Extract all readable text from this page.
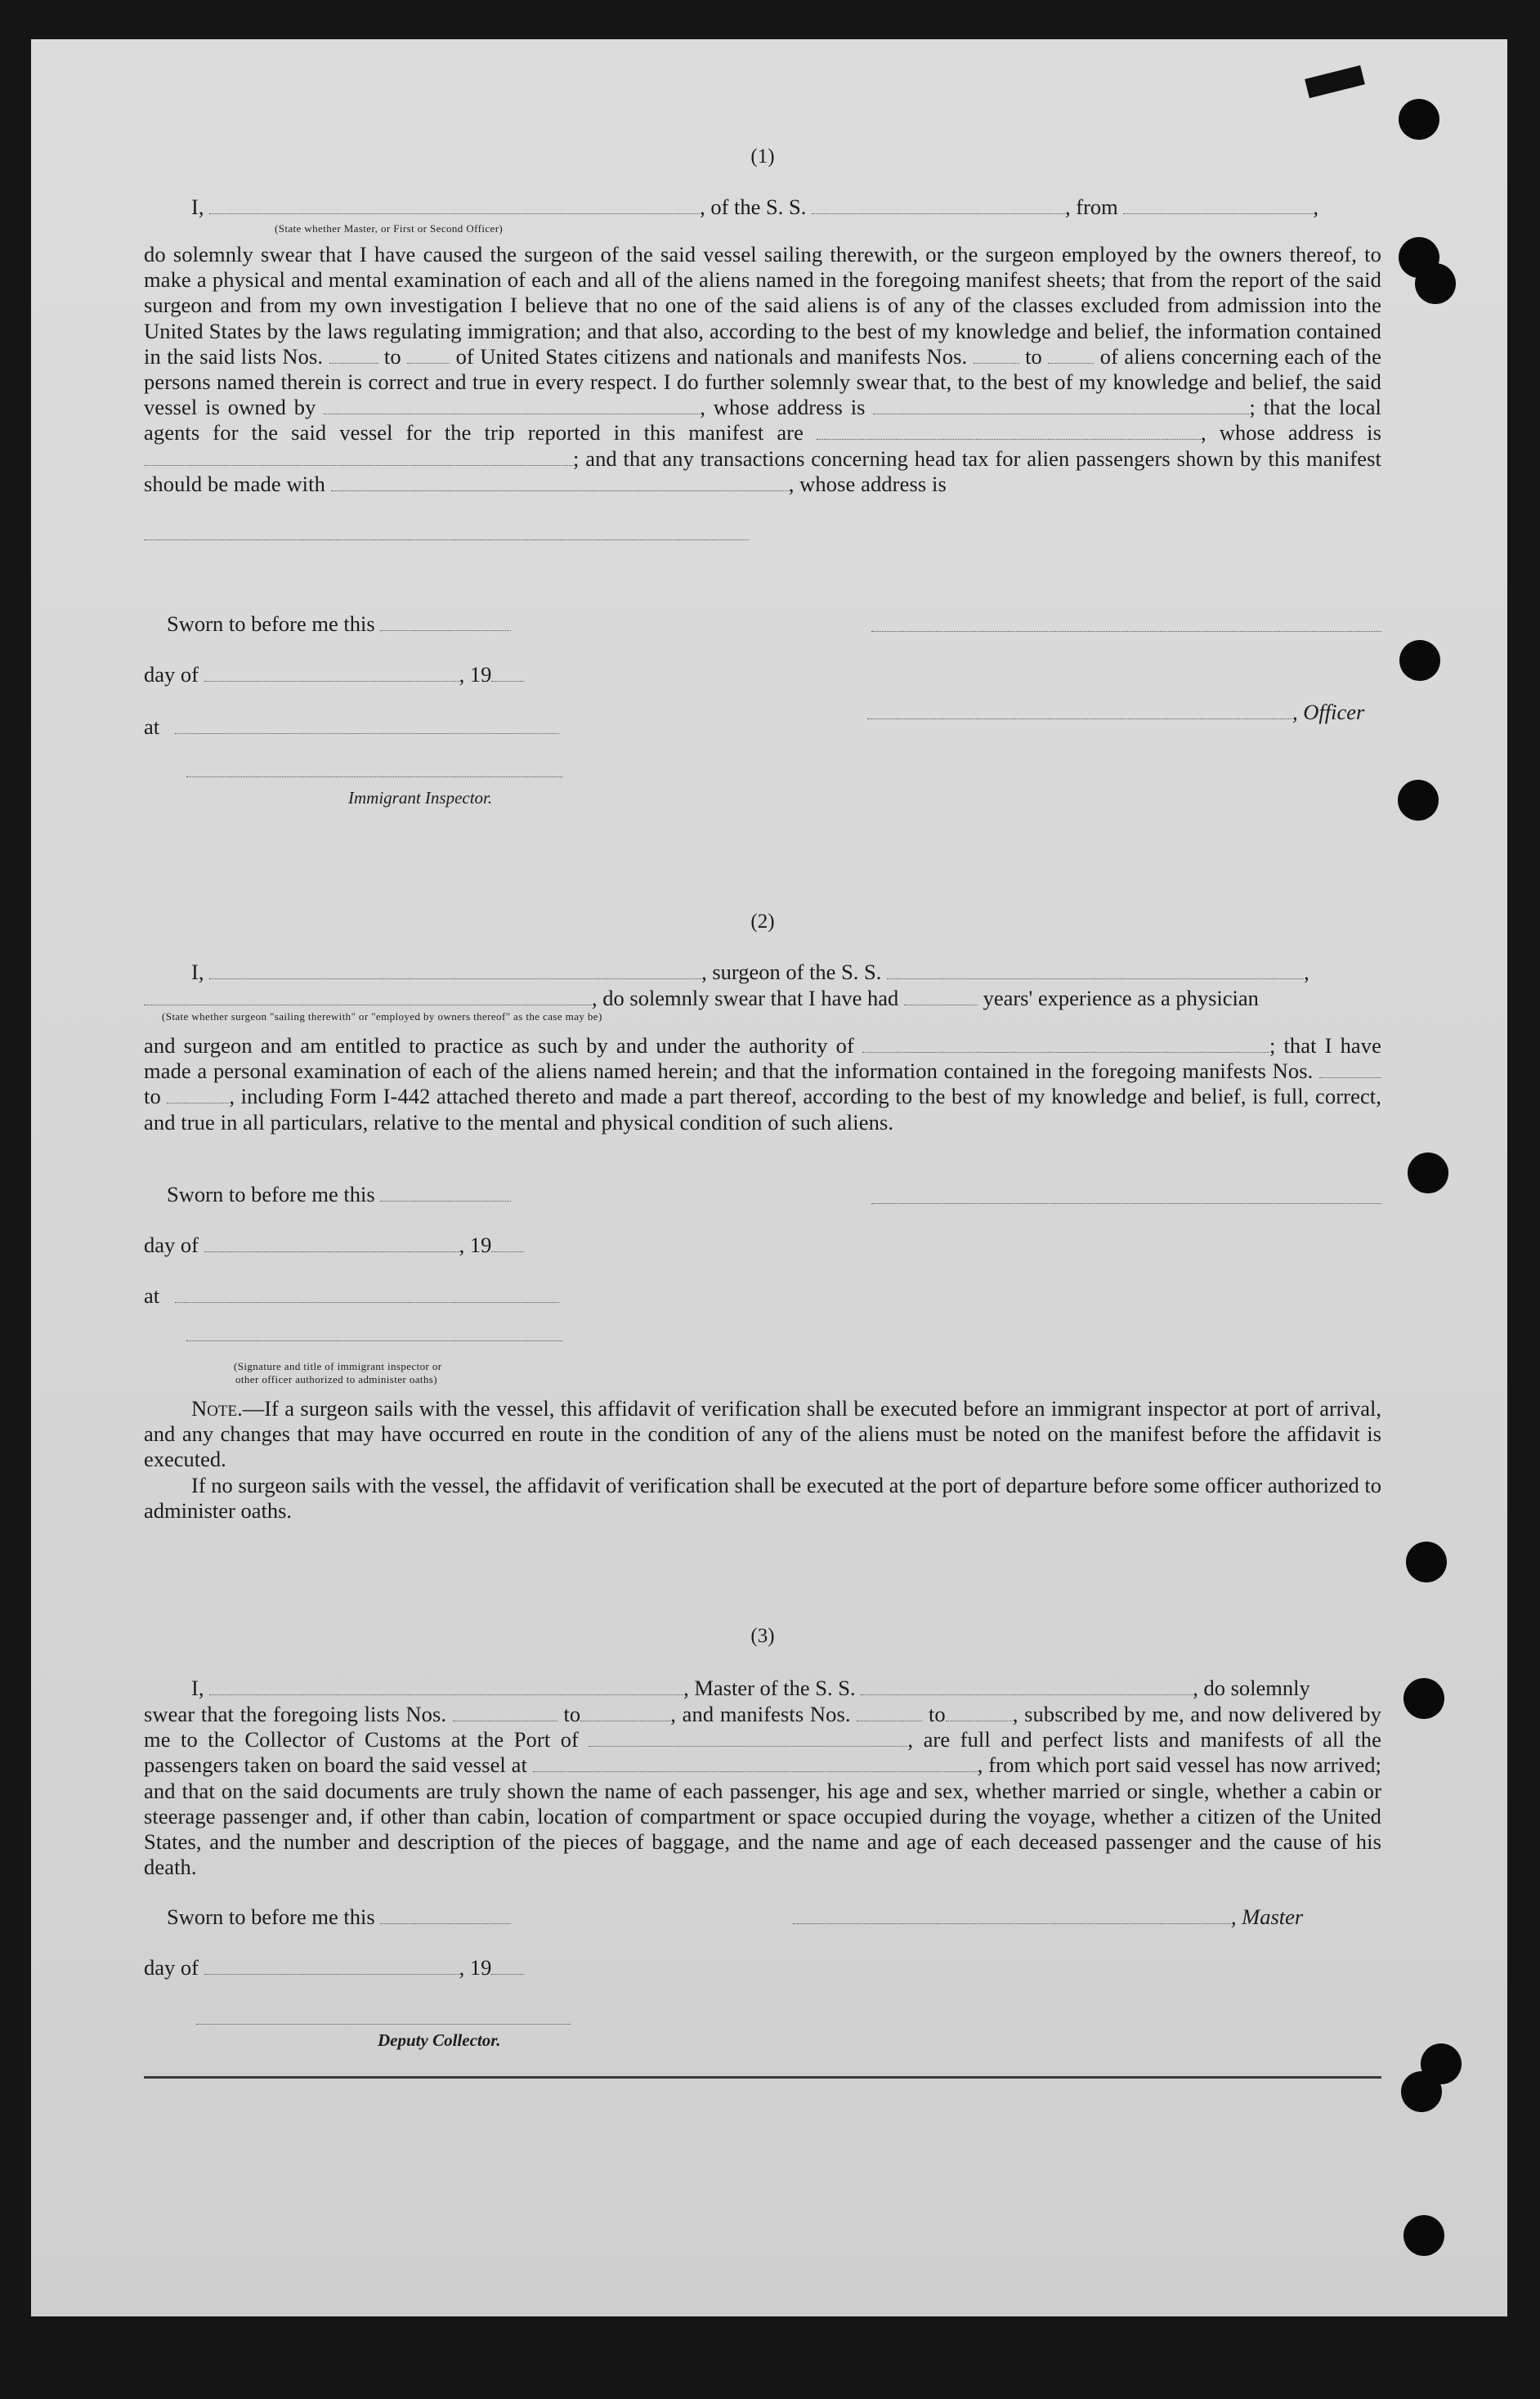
(1)
I,	, of the S. S.	, from	,
(State whether Master, or First or Second Officer)
do solemnly swear that I have caused the surgeon of the said vessel sailing therewith, or the surgeon employed by the owners thereof, to make a physical and mental examination of each and all of the aliens named in the foregoing manifest sheets; that from the report of the said surgeon and from my own investigation I believe that no one of the said aliens is of any of the classes excluded from admission into the United States by the laws regulating immigration; and that also, according to the best of my knowledge and belief, the information contained in the said lists Nos.	to	of United States citizens and nationals and manifests Nos.	to	of aliens concerning each of the persons named therein is correct and true in every respect. I do further solemnly swear that, to the best of my knowledge and belief, the said vessel is owned by	, whose address is	; that the local agents for the said vessel for the trip reported in this manifest are	, whose address is ; and that any transactions concerning head tax for alien passengers shown by this manifest should be made with	, whose address is
Sworn to before me this
day of	, 19
, Officer
at
Immigrant Inspector.
(2)
I,	, surgeon of the S. S.	,
, do solemnly swear that I have had	years' experience as a physician
(State whether surgeon "sailing therewith" or "employed by owners thereof" as the case may be)
and surgeon and am entitled to practice as such by and under the authority of	; that I have made a personal examination of each of the aliens named herein; and that the information contained in the foregoing manifests Nos.  to	, including Form I-442 attached thereto and made a part thereof, according to the best of my knowledge and belief, is full, correct, and true in all particulars, relative to the mental and physical condition of such aliens.
Sworn to before me this
day of	, 19
at
(Signature and title of immigrant inspector or
other officer authorized to administer oaths)
Note.—If a surgeon sails with the vessel, this affidavit of verification shall be executed before an immigrant inspector at port of arrival, and any changes that may have occurred en route in the condition of any of the aliens must be noted on the manifest before the affidavit is executed.
If no surgeon sails with the vessel, the affidavit of verification shall be executed at the port of departure before some officer authorized to administer oaths.
(3)
I,	, Master of the S. S.	, do solemnly
swear that the foregoing lists Nos.	to	, and manifests Nos.	to	, subscribed by me, and now delivered by me to the Collector of Customs at the Port of	, are full and perfect lists and manifests of all the passengers taken on board the said vessel at	, from which port said vessel has now arrived; and that on the said documents are truly shown the name of each passenger, his age and sex, whether married or single, whether a cabin or steerage passenger and, if other than cabin, location of compartment or space occupied during the voyage, whether a citizen of the United States, and the number and description of the pieces of baggage, and the name and age of each deceased passenger and the cause of his death.
Sworn to before me this	, Master
day of	, 19
Deputy Collector.
